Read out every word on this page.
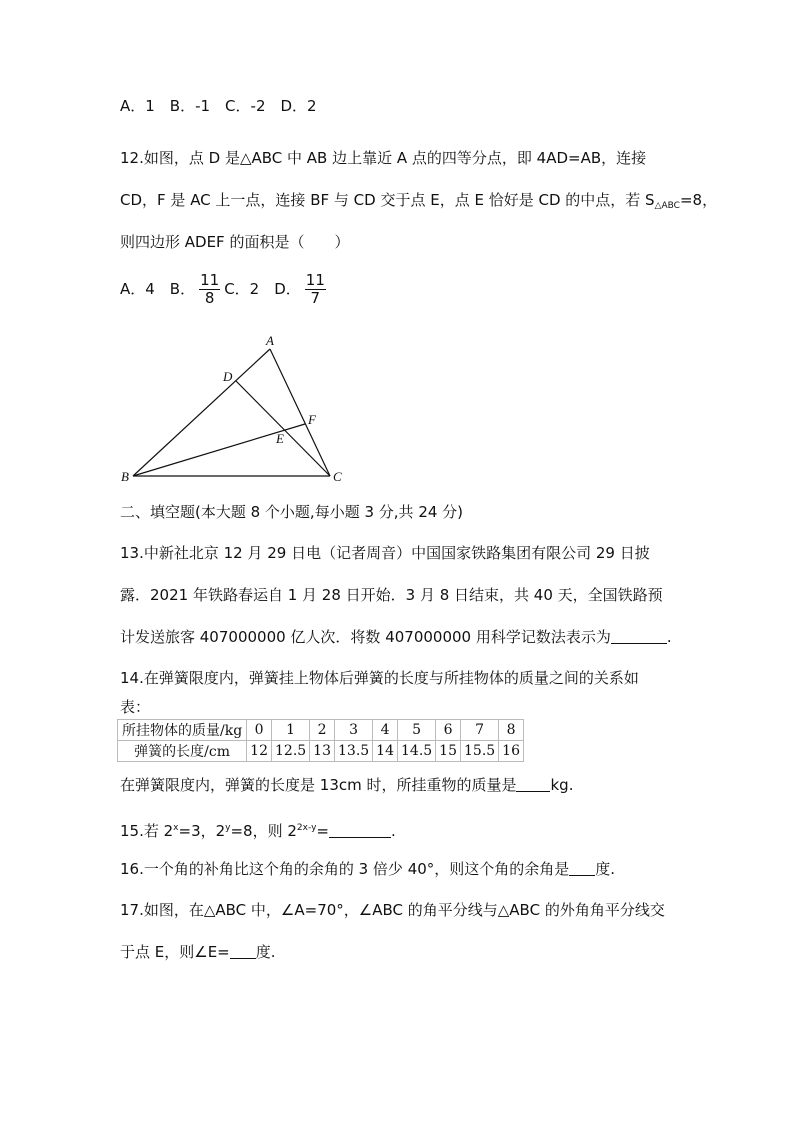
A．1　B．-1　C．-2　D．2
12.如图，点 D 是△ABC 中 AB 边上靠近 A 点的四等分点，即 4AD=AB，连接
CD，F 是 AC 上一点，连接 BF 与 CD 交于点 E，点 E 恰好是 CD 的中点，若 $S_{\triangle ABC}=8$，
则四边形 ADEF 的面积是（　　）
A．4　B． $\frac{11}{8}$ C．2　D． $\frac{11}{7}$
A
B	C
D
E
F
二、填空题(本大题 8 个小题,每小题 3 分,共 24 分)
13.中新社北京 12 月 29 日电（记者周音）中国国家铁路集团有限公司 29 日披
露．2021 年铁路春运自 1 月 28 日开始．3 月 8 日结束，共 40 天，全国铁路预
计发送旅客 407000000 亿人次．将数 407000000 用科学记数法表示为	.
14.在弹簧限度内，弹簧挂上物体后弹簧的长度与所挂物体的质量之间的关系如
表：
所挂物体的质量/kg	0	1	2	3	4	5	6	7	8
弹簧的长度/cm	12	12.5	13	13.5	14	14.5	15	15.5	16
在弹簧限度内，弹簧的长度是 13cm 时，所挂重物的质量是 kg.
15.若 $2^x=3$，$2^y=8$，则 $2^{2x-y}=$	.
16.一个角的补角比这个角的余角的 3 倍少 40°，则这个角的余角是 度.
17.如图，在△ABC 中，∠A=70°，∠ABC 的角平分线与△ABC 的外角角平分线交
于点 E，则∠E= 度.
